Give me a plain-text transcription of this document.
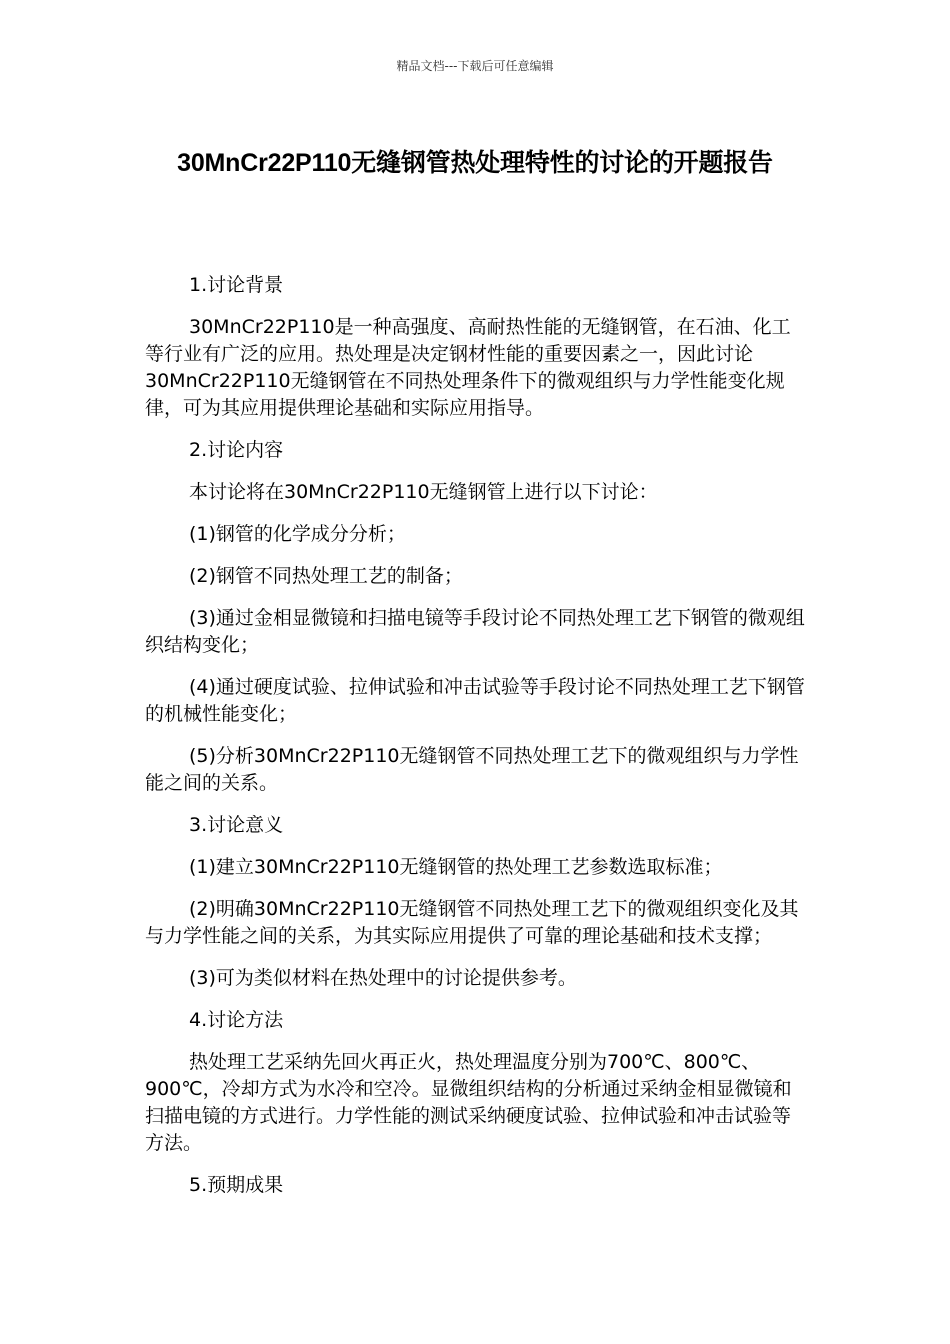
精品文档---下载后可任意编辑
30MnCr22P110无缝钢管热处理特性的讨论的开题报告

1.讨论背景

30MnCr22P110是一种高强度、高耐热性能的无缝钢管，在石油、化工等行业有广泛的应用。热处理是决定钢材性能的重要因素之一，因此讨论30MnCr22P110无缝钢管在不同热处理条件下的微观组织与力学性能变化规律，可为其应用提供理论基础和实际应用指导。

2.讨论内容

本讨论将在30MnCr22P110无缝钢管上进行以下讨论：

(1)钢管的化学成分分析；

(2)钢管不同热处理工艺的制备；

(3)通过金相显微镜和扫描电镜等手段讨论不同热处理工艺下钢管的微观组织结构变化；

(4)通过硬度试验、拉伸试验和冲击试验等手段讨论不同热处理工艺下钢管的机械性能变化；

(5)分析30MnCr22P110无缝钢管不同热处理工艺下的微观组织与力学性能之间的关系。

3.讨论意义

(1)建立30MnCr22P110无缝钢管的热处理工艺参数选取标准；

(2)明确30MnCr22P110无缝钢管不同热处理工艺下的微观组织变化及其与力学性能之间的关系，为其实际应用提供了可靠的理论基础和技术支撑；

(3)可为类似材料在热处理中的讨论提供参考。

4.讨论方法

热处理工艺采纳先回火再正火，热处理温度分别为700℃、800℃、900℃，冷却方式为水冷和空冷。显微组织结构的分析通过采纳金相显微镜和扫描电镜的方式进行。力学性能的测试采纳硬度试验、拉伸试验和冲击试验等方法。

5.预期成果
